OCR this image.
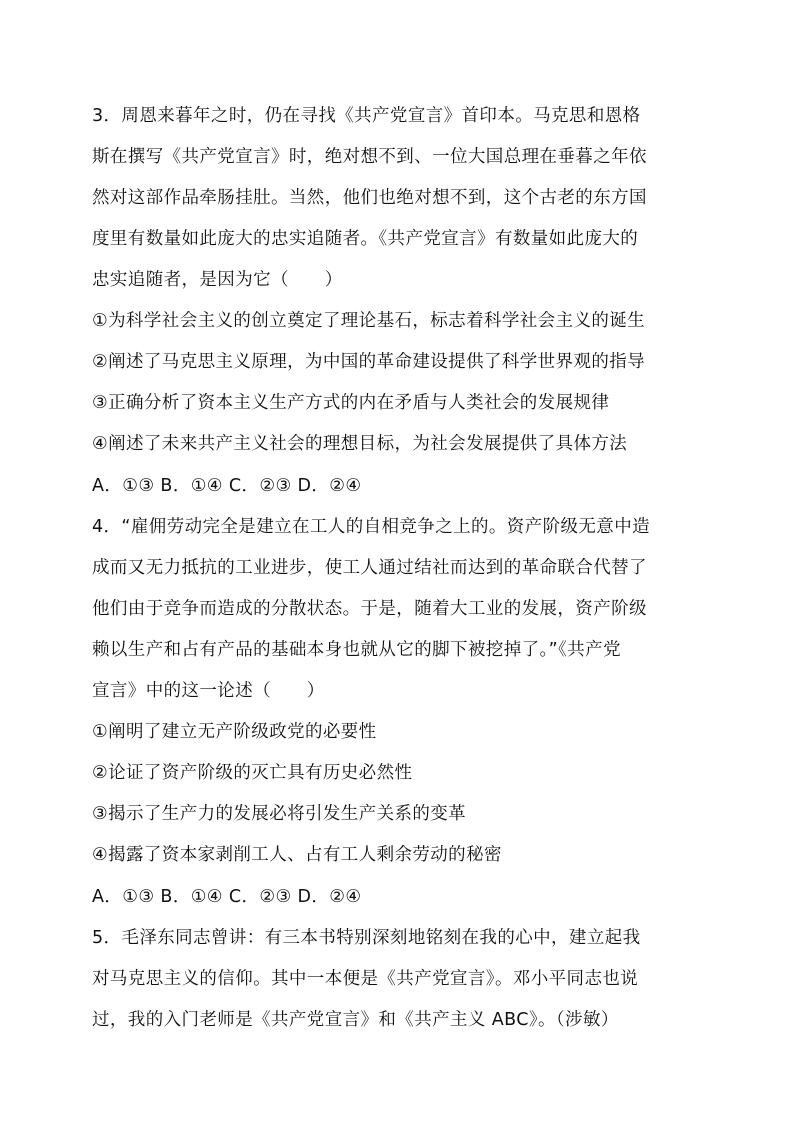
3．周恩来暮年之时，仍在寻找《共产党宣言》首印本。马克思和恩格
斯在撰写《共产党宣言》时，绝对想不到、一位大国总理在垂暮之年依
然对这部作品牵肠挂肚。当然，他们也绝对想不到，这个古老的东方国
度里有数量如此庞大的忠实追随者。《共产党宣言》有数量如此庞大的
忠实追随者，是因为它（　　）
①为科学社会主义的创立奠定了理论基石，标志着科学社会主义的诞生
②阐述了马克思主义原理，为中国的革命建设提供了科学世界观的指导
③正确分析了资本主义生产方式的内在矛盾与人类社会的发展规律
④阐述了未来共产主义社会的理想目标，为社会发展提供了具体方法
A．①③ B．①④ C．②③ D．②④
4．“雇佣劳动完全是建立在工人的自相竞争之上的。资产阶级无意中造
成而又无力抵抗的工业进步，使工人通过结社而达到的革命联合代替了
他们由于竞争而造成的分散状态。于是，随着大工业的发展，资产阶级
赖以生产和占有产品的基础本身也就从它的脚下被挖掉了。”《共产党
宣言》中的这一论述（　　）
①阐明了建立无产阶级政党的必要性
②论证了资产阶级的灭亡具有历史必然性
③揭示了生产力的发展必将引发生产关系的变革
④揭露了资本家剥削工人、占有工人剩余劳动的秘密
A．①③ B．①④ C．②③ D．②④
5．毛泽东同志曾讲：有三本书特别深刻地铭刻在我的心中，建立起我
对马克思主义的信仰。其中一本便是《共产党宣言》。邓小平同志也说
过，我的入门老师是《共产党宣言》和《共产主义 ABC》。（涉敏）
